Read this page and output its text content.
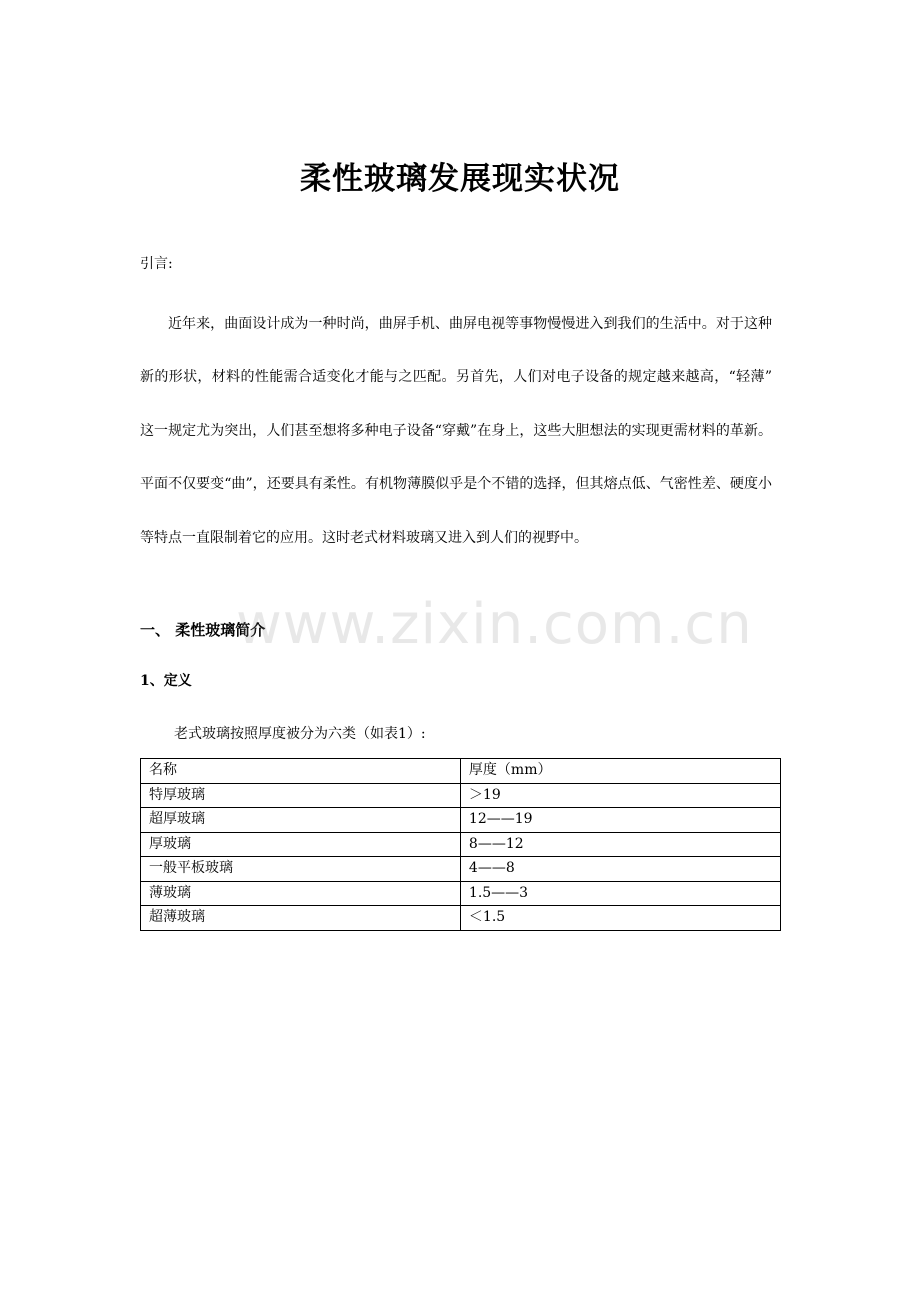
柔性玻璃发展现实状况
引言:

近年来，曲面设计成为一种时尚，曲屏手机、曲屏电视等事物慢慢进入到我们的生活中。对于这种新的形状，材料的性能需合适变化才能与之匹配。另首先，人们对电子设备的规定越来越高，“轻薄” 这一规定尤为突出，人们甚至想将多种电子设备“穿戴”在身上，这些大胆想法的实现更需材料的革新。平面不仅要变“曲”，还要具有柔性。有机物薄膜似乎是个不错的选择，但其熔点低、气密性差、硬度小等特点一直限制着它的应用。这时老式材料玻璃又进入到人们的视野中。

一、 柔性玻璃简介
1、定义
老式玻璃按照厚度被分为六类（如表1）:
名称	厚度（mm）
特厚玻璃	＞19
超厚玻璃	12——19
厚玻璃	8——12
一般平板玻璃	4——8
薄玻璃	1.5——3
超薄玻璃	＜1.5
www.zixin.com.cn
